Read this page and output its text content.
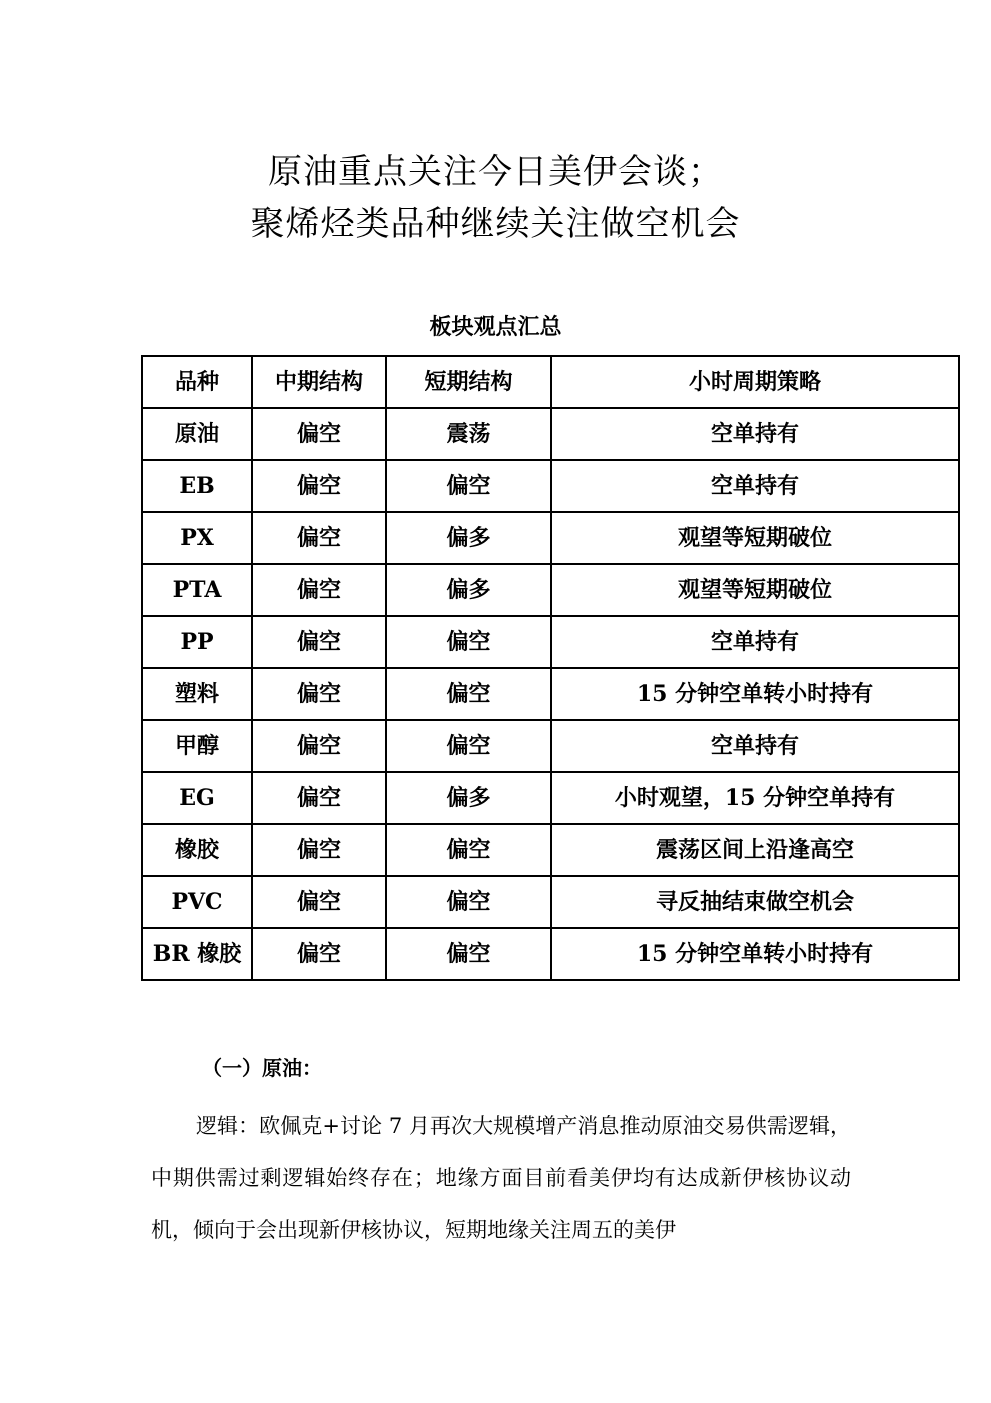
原油重点关注今日美伊会谈；
聚烯烃类品种继续关注做空机会
板块观点汇总
品种	中期结构	短期结构	小时周期策略
原油	偏空	震荡	空单持有
EB	偏空	偏空	空单持有
PX	偏空	偏多	观望等短期破位
PTA	偏空	偏多	观望等短期破位
PP	偏空	偏空	空单持有
塑料	偏空	偏空	15 分钟空单转小时持有
甲醇	偏空	偏空	空单持有
EG	偏空	偏多	小时观望，15 分钟空单持有
橡胶	偏空	偏空	震荡区间上沿逢高空
PVC	偏空	偏空	寻反抽结束做空机会
BR 橡胶	偏空	偏空	15 分钟空单转小时持有
（一）原油：

逻辑：欧佩克+讨论 7 月再次大规模增产消息推动原油交易供需逻辑，中期供需过剩逻辑始终存在；地缘方面目前看美伊均有达成新伊核协议动机，倾向于会出现新伊核协议，短期地缘关注周五的美伊
